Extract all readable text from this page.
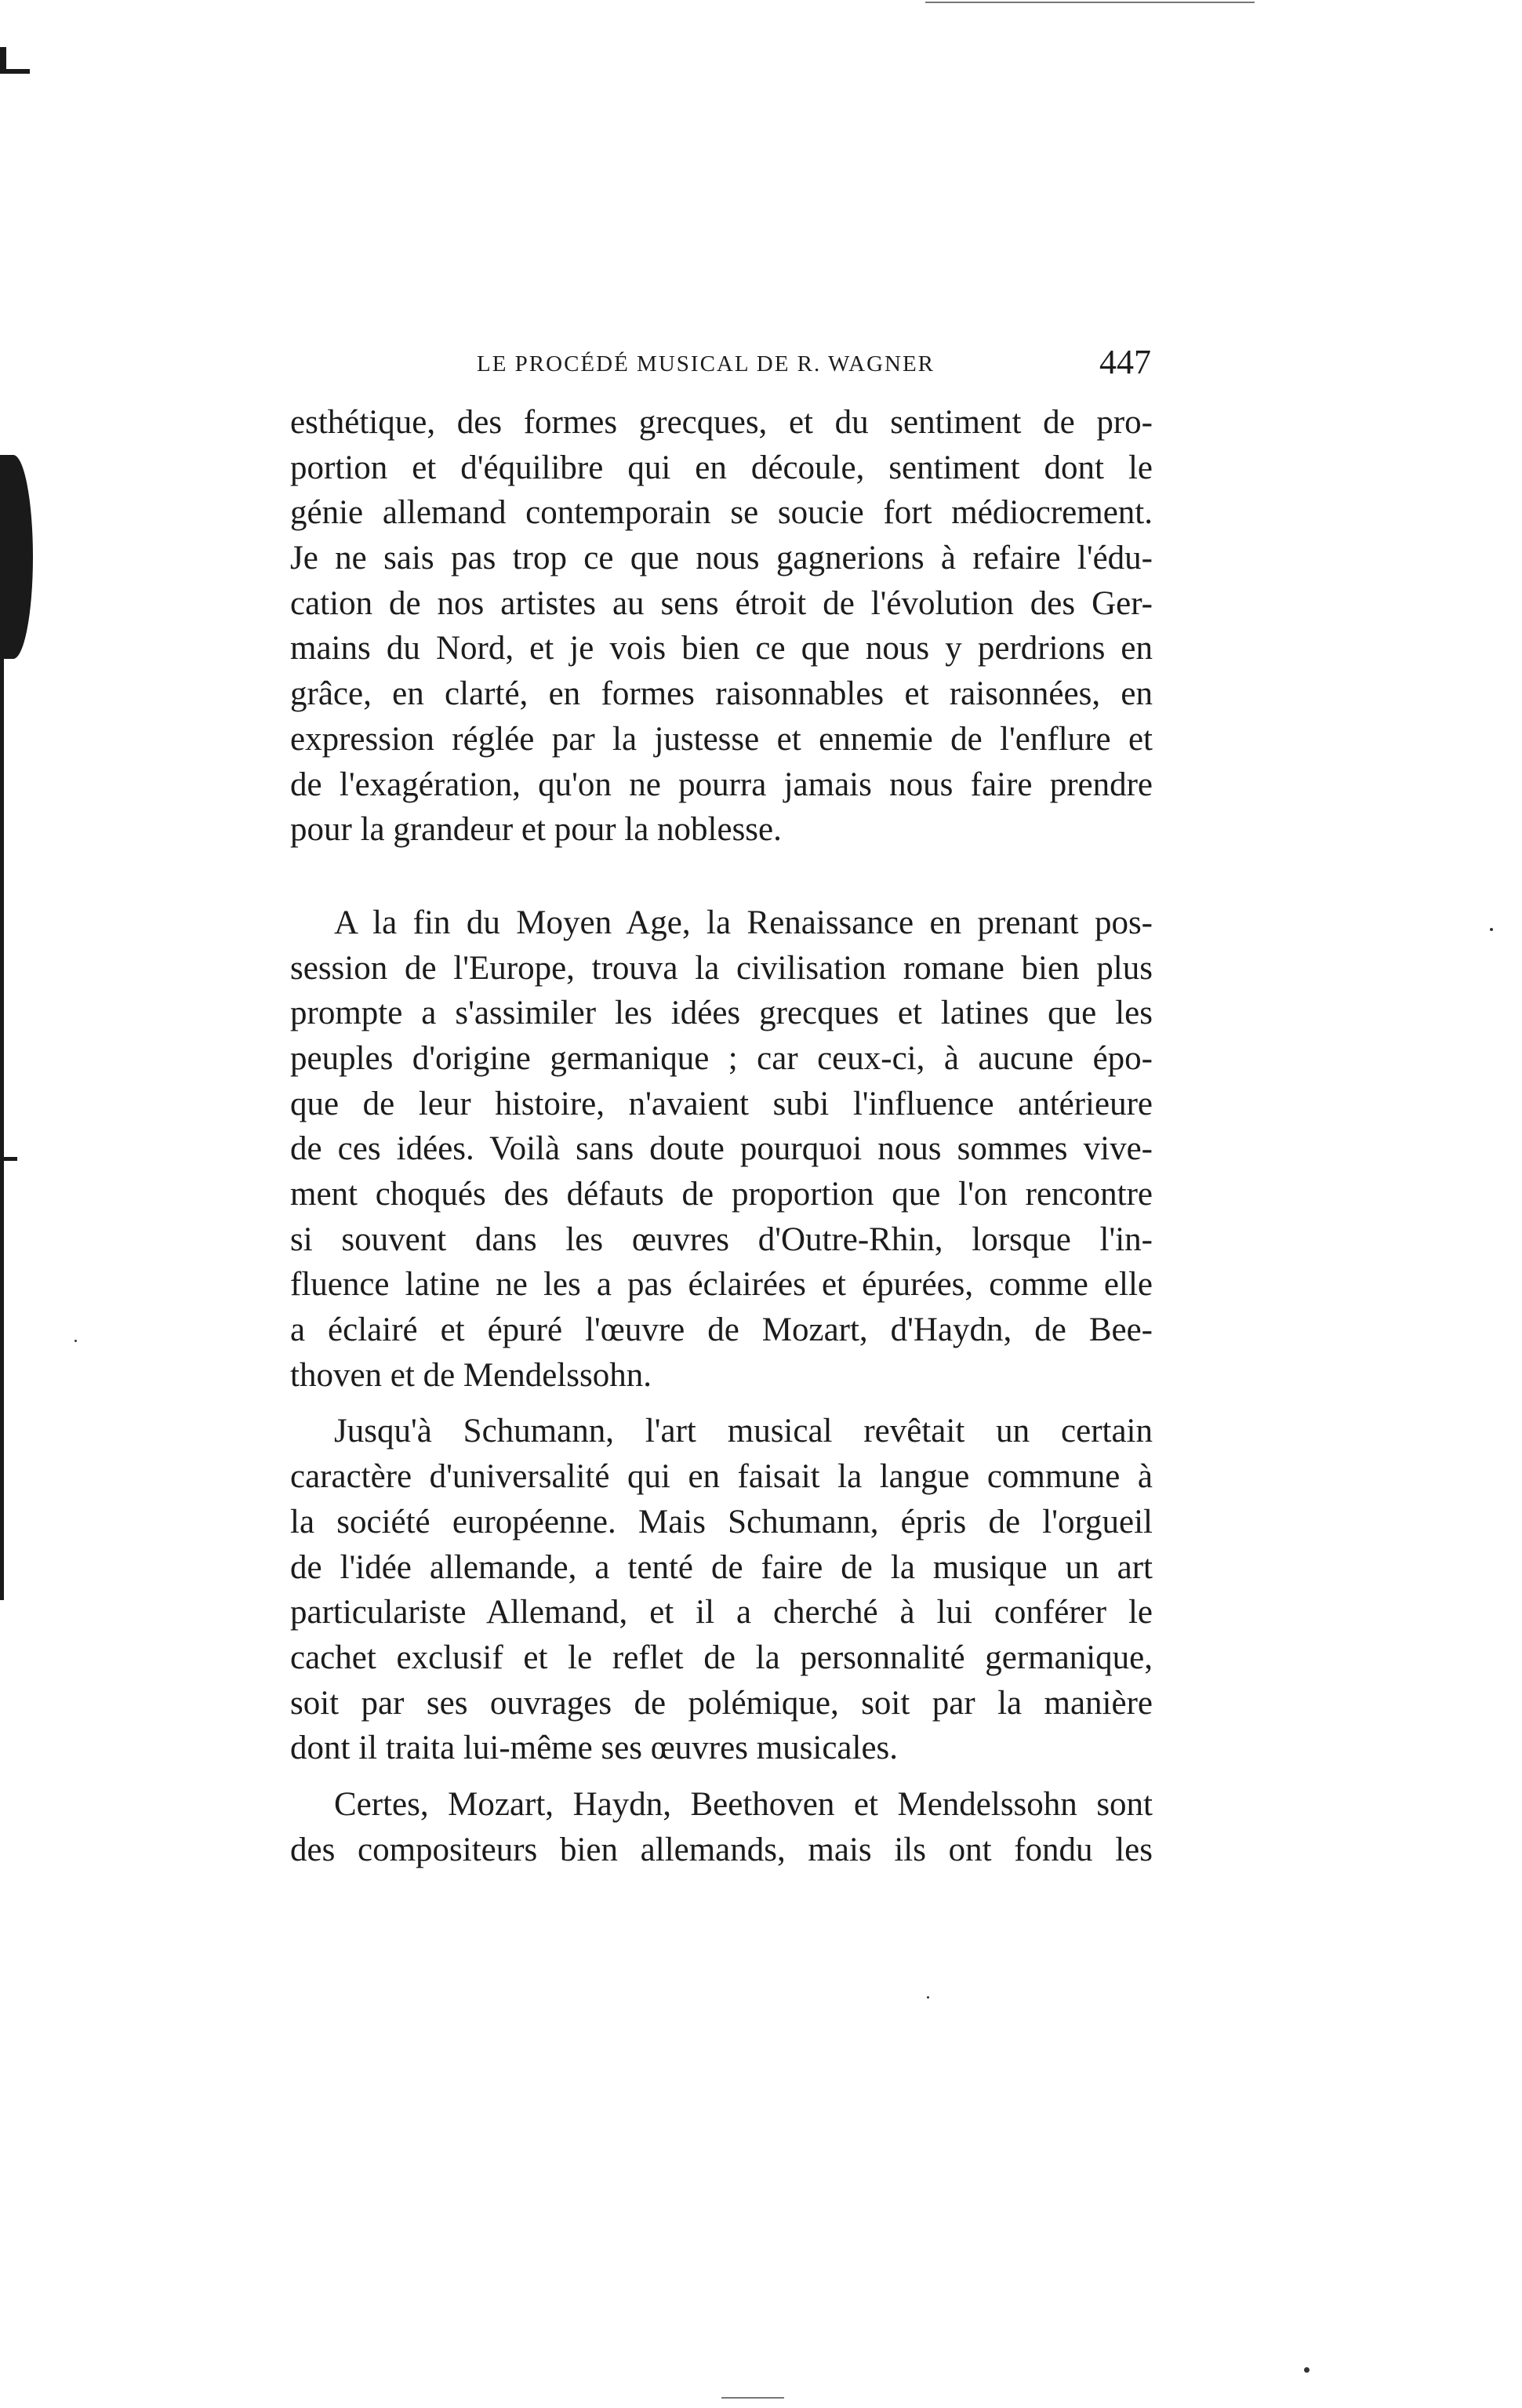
LE PROCÉDÉ MUSICAL DE R. WAGNER	447
esthétique, des formes grecques, et du sentiment de pro-
portion et d'équilibre qui en découle, sentiment dont le
génie allemand contemporain se soucie fort médiocrement.
Je ne sais pas trop ce que nous gagnerions à refaire l'édu-
cation de nos artistes au sens étroit de l'évolution des Ger-
mains du Nord, et je vois bien ce que nous y perdrions en
grâce, en clarté, en formes raisonnables et raisonnées, en
expression réglée par la justesse et ennemie de l'enflure et
de l'exagération, qu'on ne pourra jamais nous faire prendre
pour la grandeur et pour la noblesse.
A la fin du Moyen Age, la Renaissance en prenant pos-
session de l'Europe, trouva la civilisation romane bien plus
prompte a s'assimiler les idées grecques et latines que les
peuples d'origine germanique ; car ceux-ci, à aucune épo-
que de leur histoire, n'avaient subi l'influence antérieure
de ces idées. Voilà sans doute pourquoi nous sommes vive-
ment choqués des défauts de proportion que l'on rencontre
si souvent dans les œuvres d'Outre-Rhin, lorsque l'in-
fluence latine ne les a pas éclairées et épurées, comme elle
a éclairé et épuré l'œuvre de Mozart, d'Haydn, de Bee-
thoven et de Mendelssohn.
Jusqu'à Schumann, l'art musical revêtait un certain
caractère d'universalité qui en faisait la langue commune à
la société européenne. Mais Schumann, épris de l'orgueil
de l'idée allemande, a tenté de faire de la musique un art
particulariste Allemand, et il a cherché à lui conférer le
cachet exclusif et le reflet de la personnalité germanique,
soit par ses ouvrages de polémique, soit par la manière
dont il traita lui-même ses œuvres musicales.
Certes, Mozart, Haydn, Beethoven et Mendelssohn sont
des compositeurs bien allemands, mais ils ont fondu les
